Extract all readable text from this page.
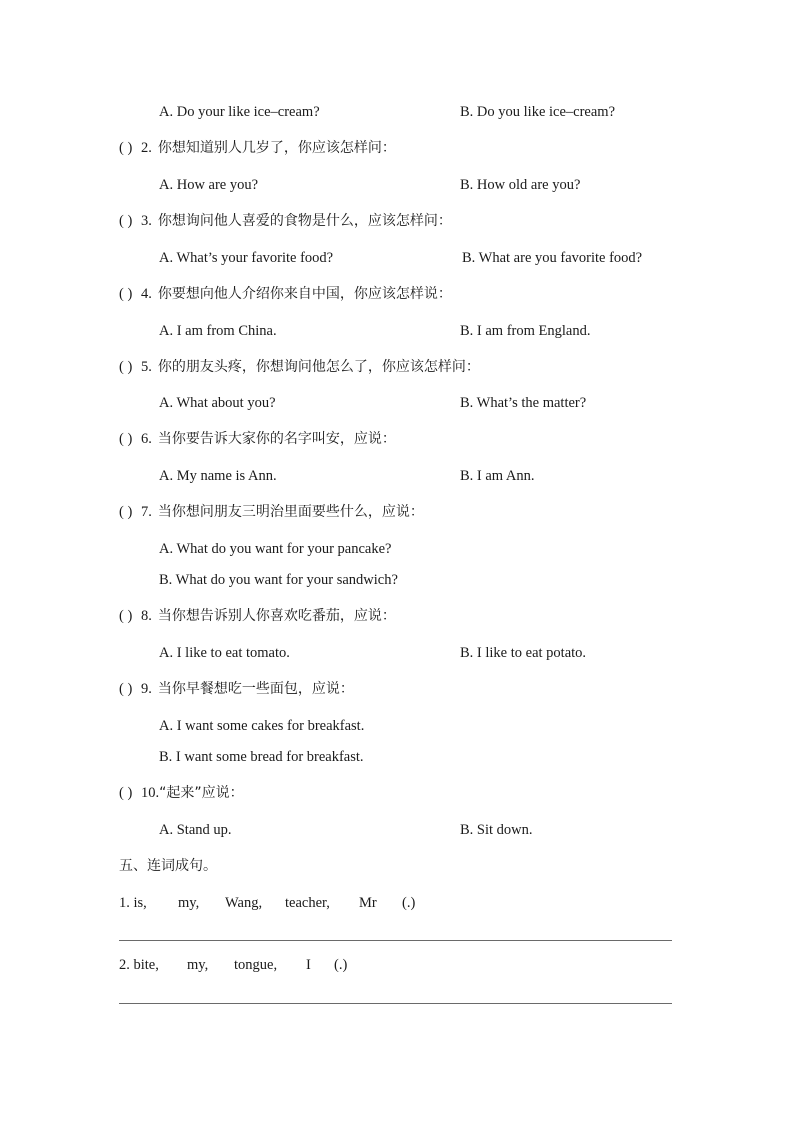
A. Do your like ice–cream?	B. Do you like ice–cream?
( ) 2. 你想知道别人几岁了，你应该怎样问：
A. How are you?	B. How old are you?
( ) 3. 你想询问他人喜爱的食物是什么，应该怎样问：
A. What’s your favorite food?	B. What are you favorite food?
( ) 4. 你要想向他人介绍你来自中国，你应该怎样说：
A. I am from China.	B. I am from England.
( ) 5. 你的朋友头疼，你想询问他怎么了，你应该怎样问：
A. What about you?	B. What’s the matter?
( ) 6. 当你要告诉大家你的名字叫安，应说：
A. My name is Ann.	B. I am Ann.
( ) 7. 当你想问朋友三明治里面要些什么，应说：
A. What do you want for your pancake?
B. What do you want for your sandwich?
( ) 8. 当你想告诉别人你喜欢吃番茄，应说：
A. I like to eat tomato.	B. I like to eat potato.
( ) 9. 当你早餐想吃一些面包，应说：
A. I want some cakes for breakfast.
B. I want some bread for breakfast.
( ) 10.“起来”应说：
A. Stand up.	B. Sit down.
五、连词成句。
1. is, my, Wang, teacher, Mr (.)
2. bite, my, tongue, I (.)
